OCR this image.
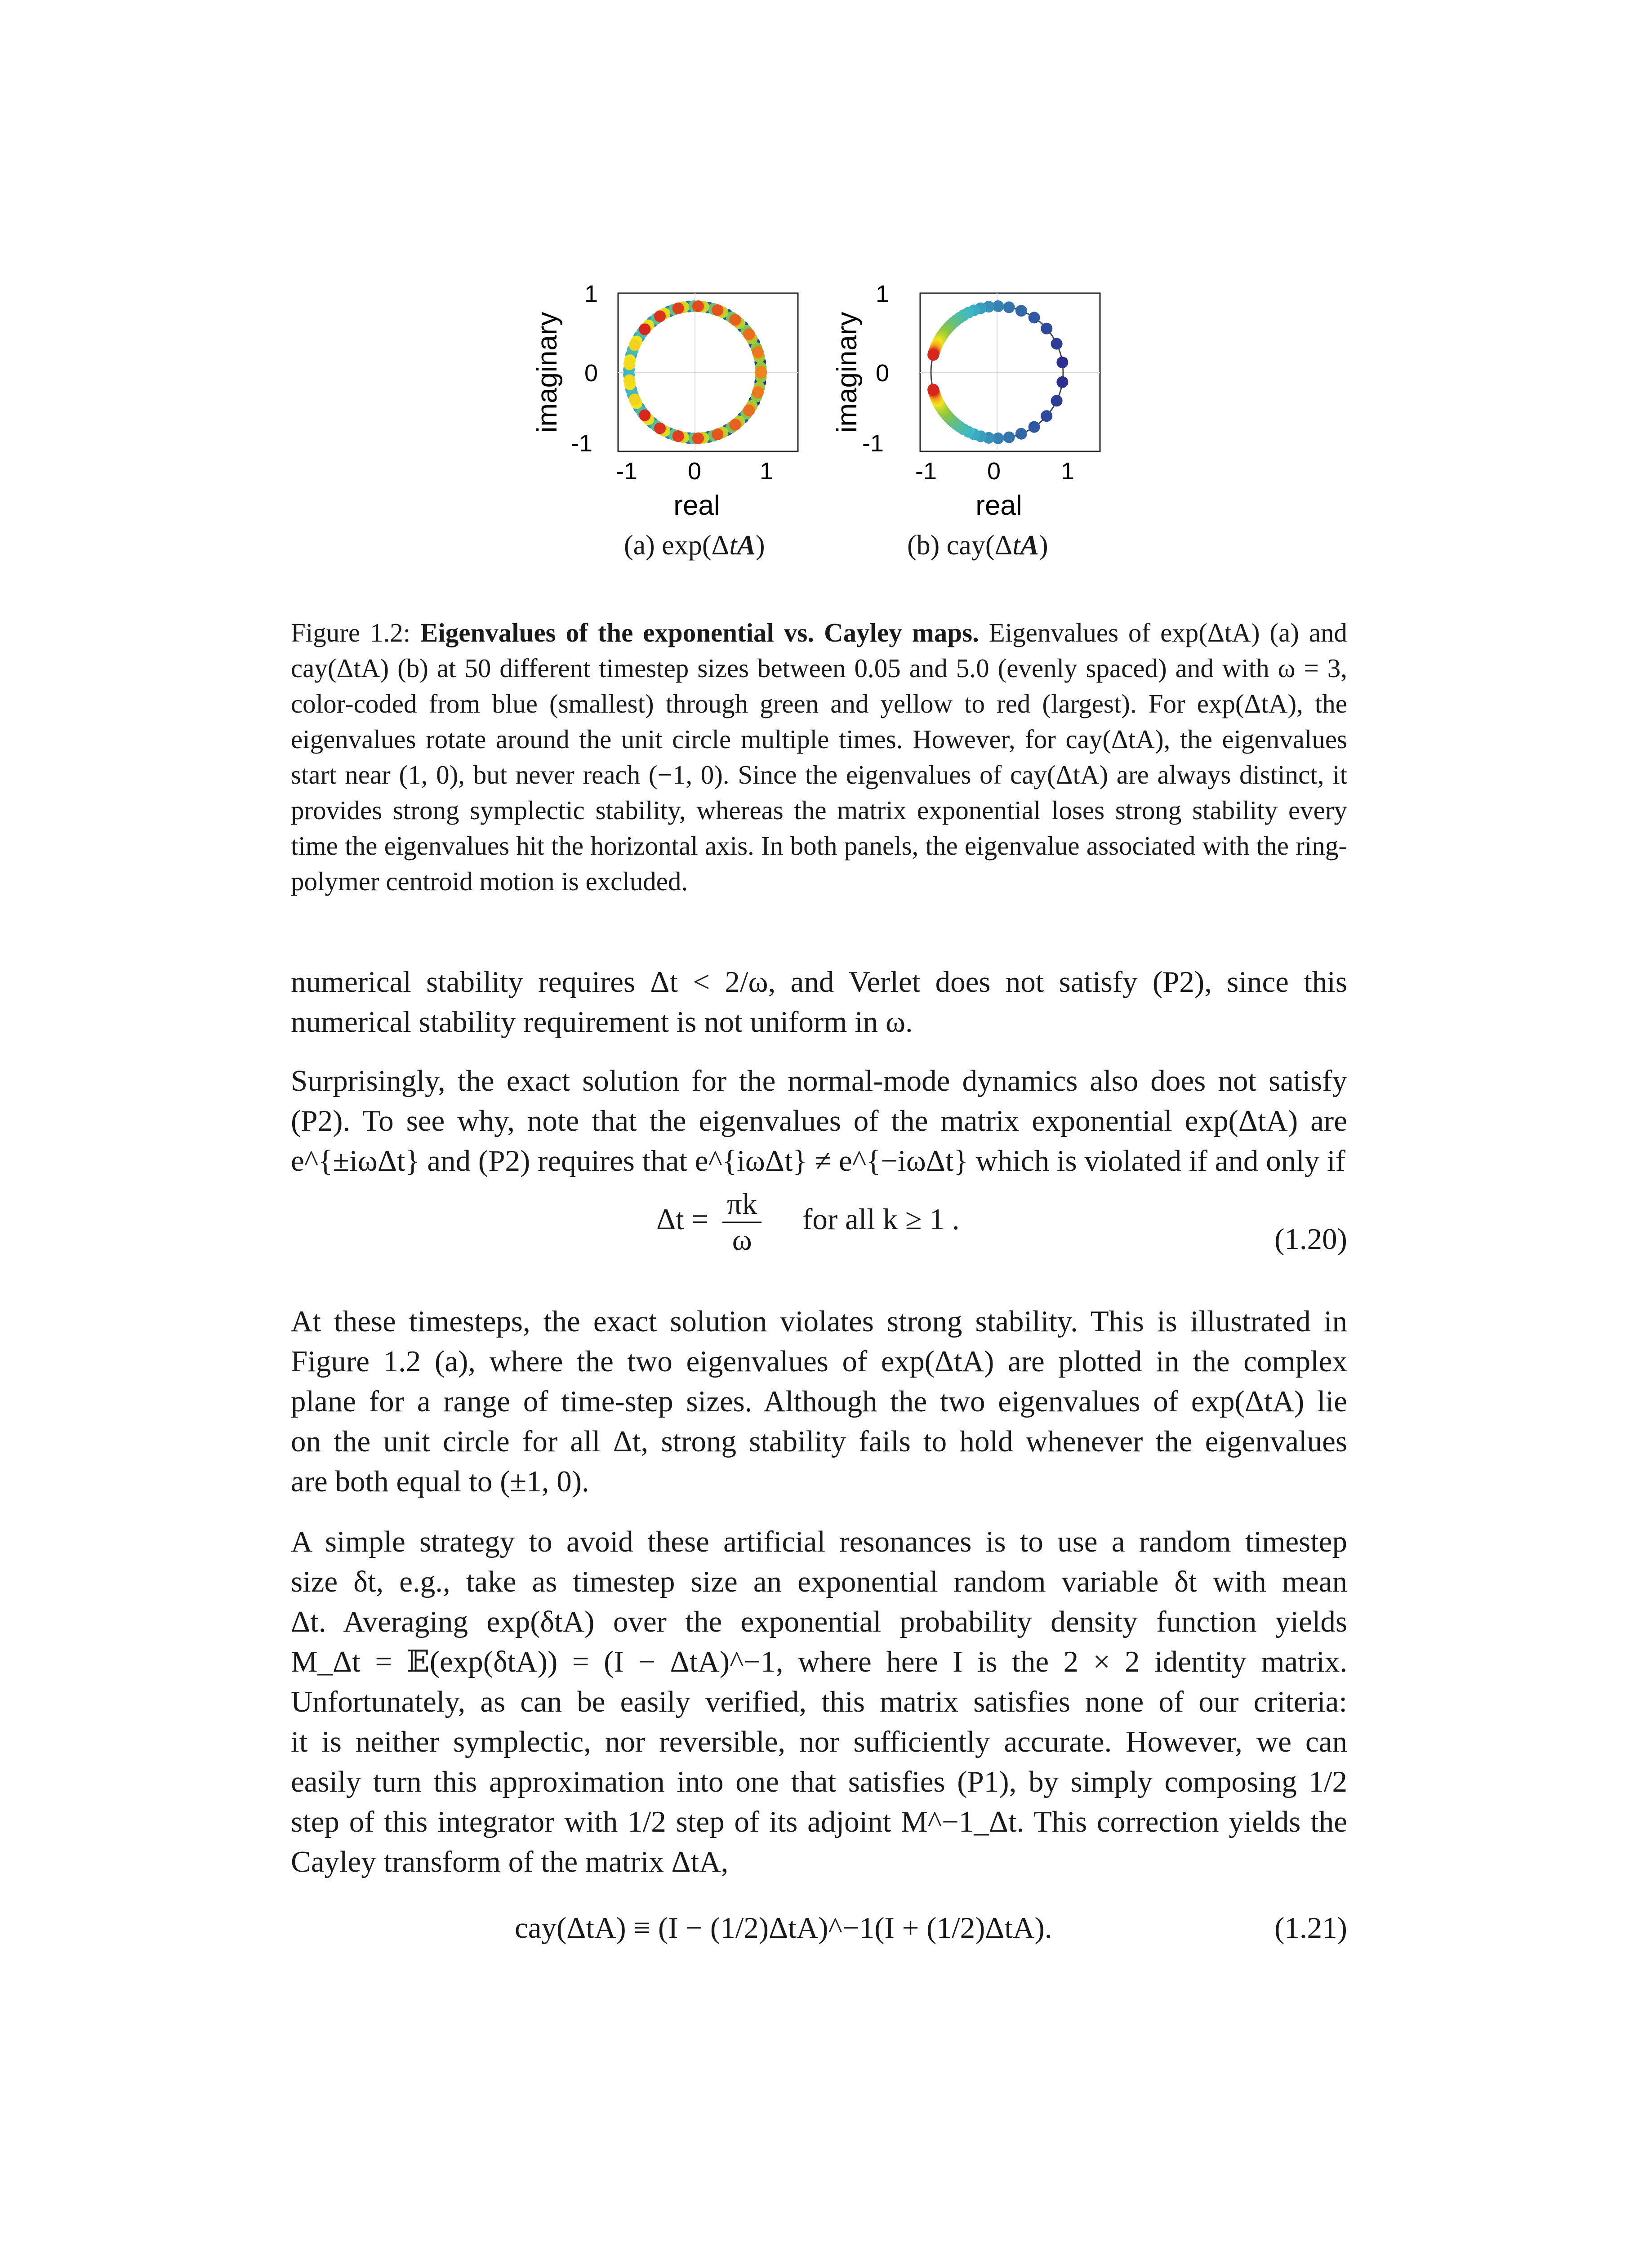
1
0
-1
-1 0 1
real
imaginary
1
0
-1
-1 0 1
real
imaginary
(a) exp(ΔtA)	(b) cay(ΔtA)
Figure 1.2: Eigenvalues of the exponential vs. Cayley maps. Eigenvalues of exp(ΔtA) (a) and cay(ΔtA) (b) at 50 different timestep sizes between 0.05 and 5.0 (evenly spaced) and with ω = 3, color-coded from blue (smallest) through green and yellow to red (largest). For exp(ΔtA), the eigenvalues rotate around the unit circle multiple times. However, for cay(ΔtA), the eigenvalues start near (1, 0), but never reach (−1, 0). Since the eigenvalues of cay(ΔtA) are always distinct, it provides strong symplectic stability, whereas the matrix exponential loses strong stability every time the eigenvalues hit the horizontal axis. In both panels, the eigenvalue associated with the ring-polymer centroid motion is excluded.
numerical stability requires Δt < 2/ω, and Verlet does not satisfy (P2), since this
numerical stability requirement is not uniform in ω.
Surprisingly, the exact solution for the normal-mode dynamics also does not satisfy
(P2). To see why, note that the eigenvalues of the matrix exponential exp(ΔtA) are
e^{±iωΔt} and (P2) requires that e^{iωΔt} ≠ e^{−iωΔt} which is violated if and only if
$\Delta t = \frac{\pi k}{\omega}$ for all k ≥ 1 .
(1.20)
At these timesteps, the exact solution violates strong stability. This is illustrated in
Figure 1.2 (a), where the two eigenvalues of exp(ΔtA) are plotted in the complex
plane for a range of time-step sizes. Although the two eigenvalues of exp(ΔtA) lie
on the unit circle for all Δt, strong stability fails to hold whenever the eigenvalues
are both equal to (±1, 0).
A simple strategy to avoid these artificial resonances is to use a random timestep
size δt, e.g., take as timestep size an exponential random variable δt with mean
Δt. Averaging exp(δtA) over the exponential probability density function yields
M_Δt = 𝔼(exp(δtA)) = (I − ΔtA)^−1, where here I is the 2 × 2 identity matrix.
Unfortunately, as can be easily verified, this matrix satisfies none of our criteria:
it is neither symplectic, nor reversible, nor sufficiently accurate. However, we can
easily turn this approximation into one that satisfies (P1), by simply composing 1/2
step of this integrator with 1/2 step of its adjoint M^−1_Δt. This correction yields the
Cayley transform of the matrix ΔtA,
cay(ΔtA) ≡ (I − (1/2)ΔtA)^−1(I + (1/2)ΔtA).	(1.21)
